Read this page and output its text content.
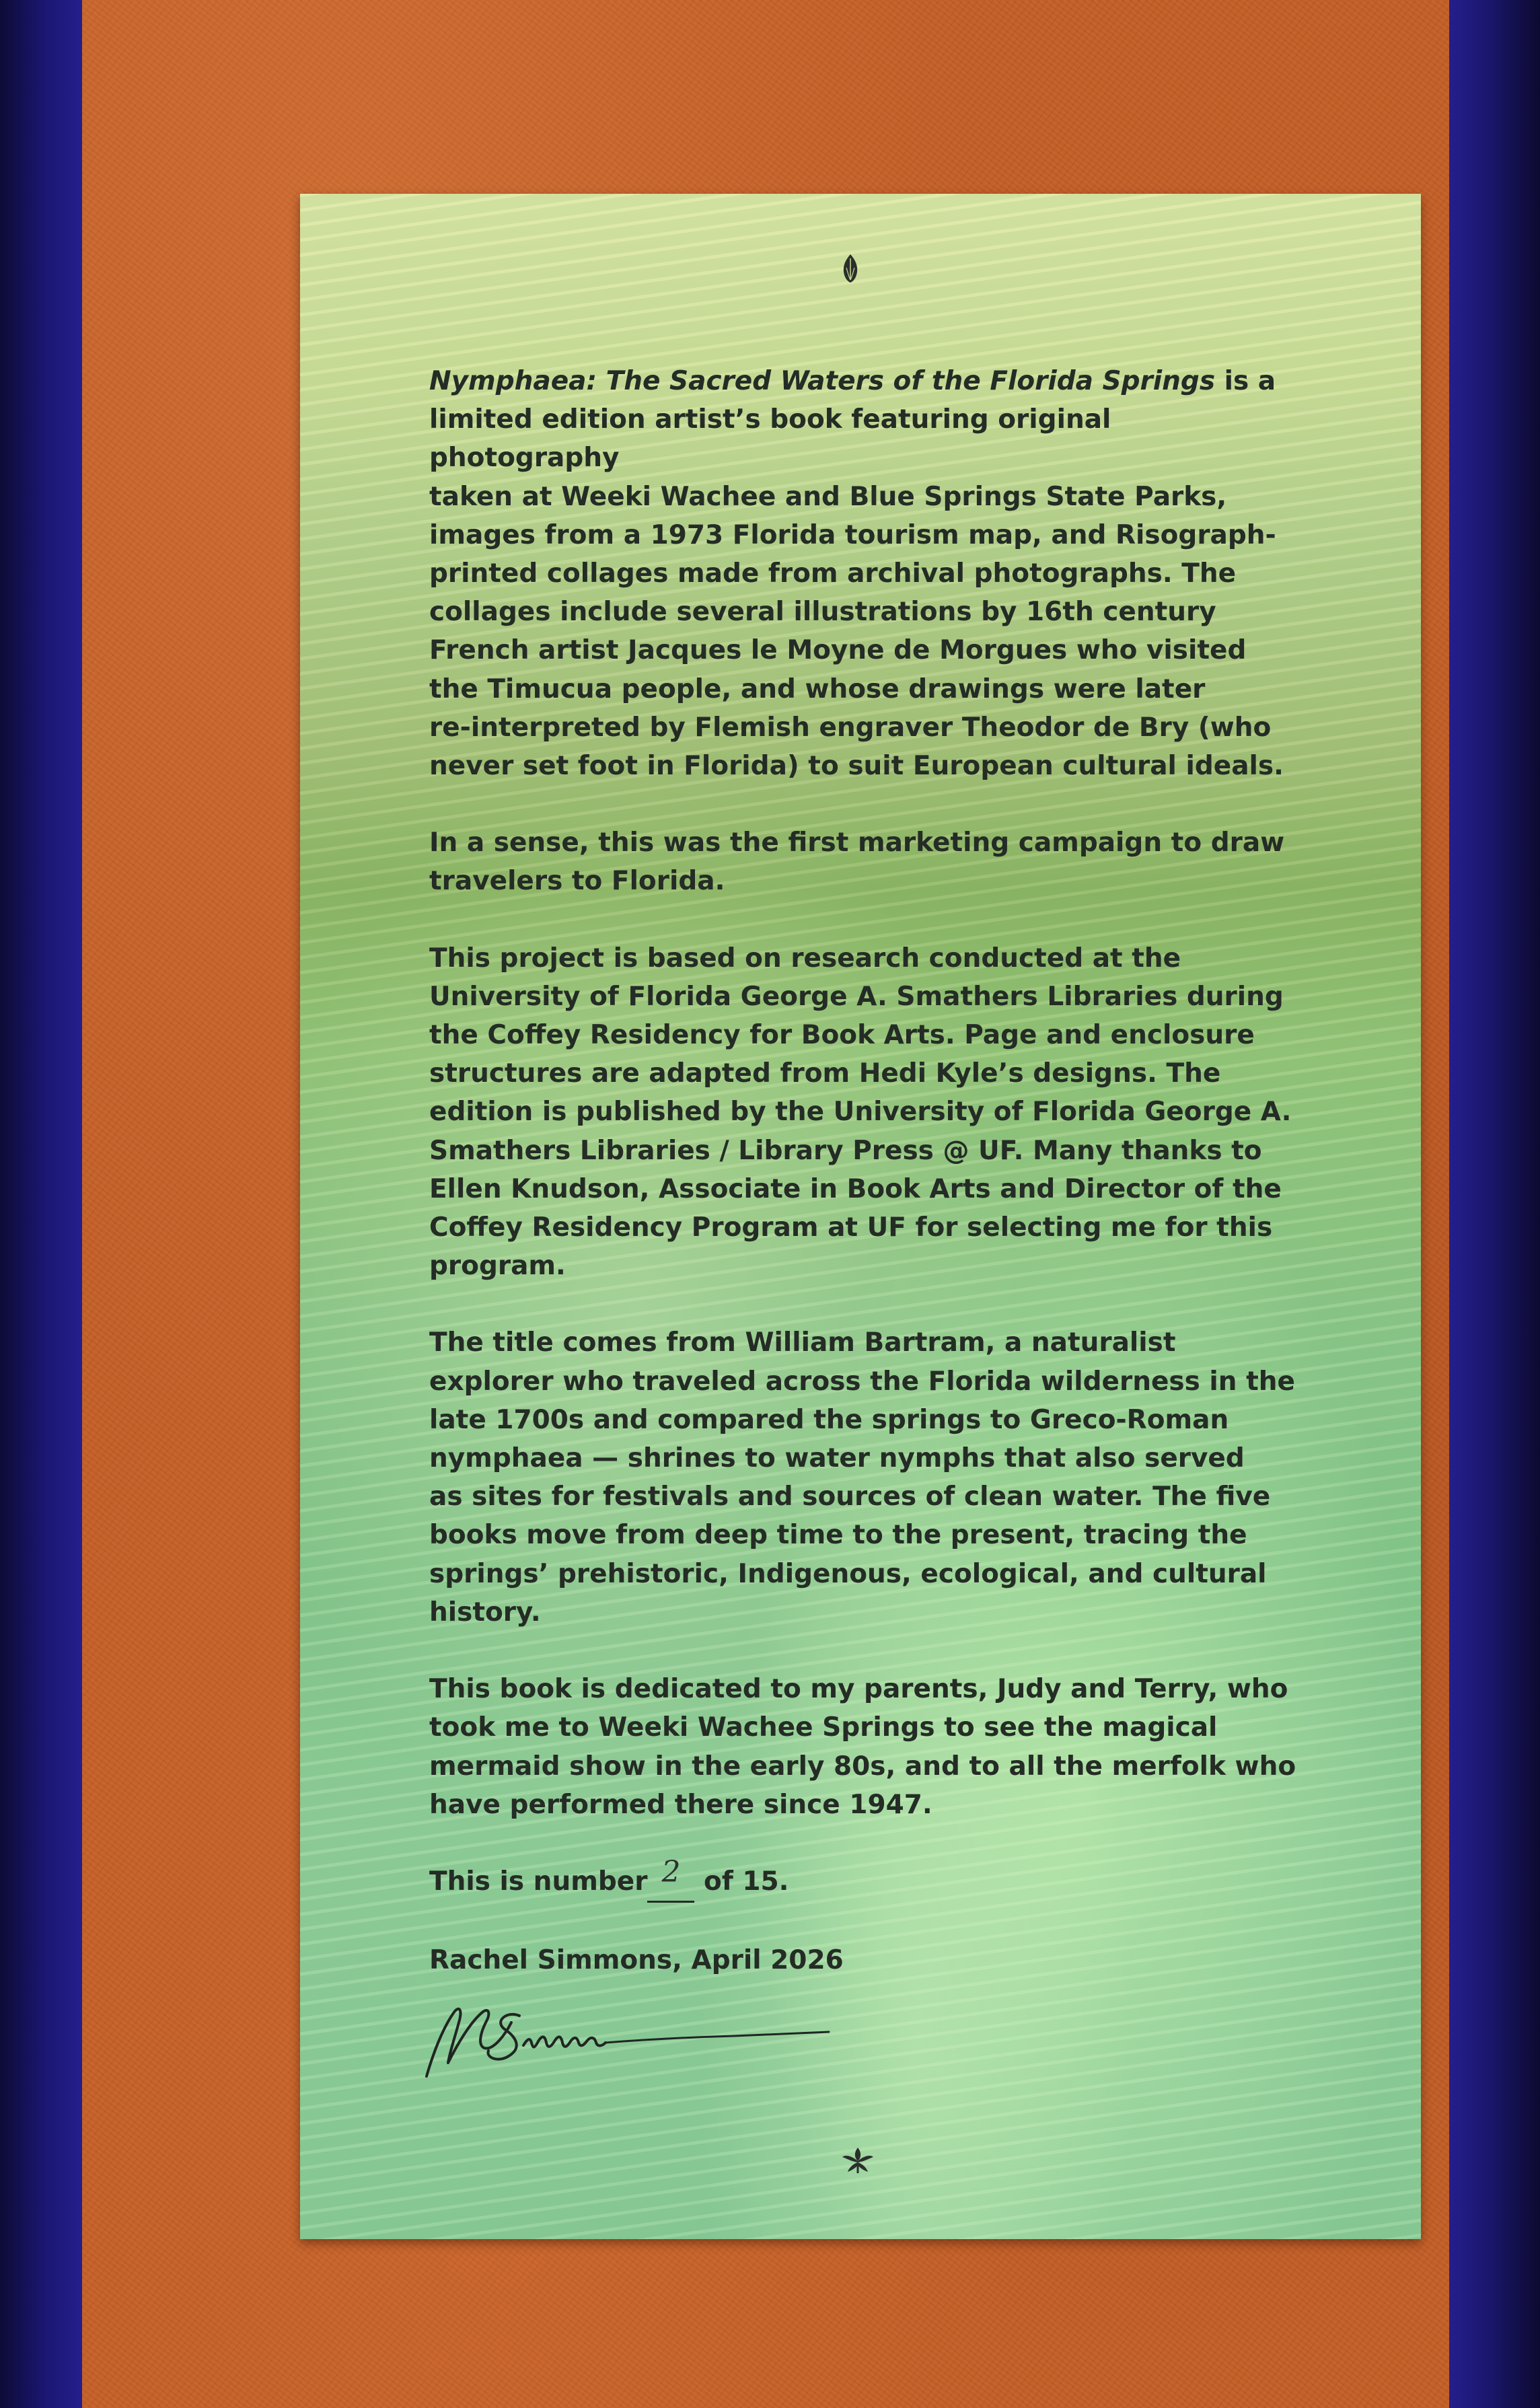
Nymphaea: The Sacred Waters of the Florida Springs is a
limited edition artist’s book featuring original photography
taken at Weeki Wachee and Blue Springs State Parks,
images from a 1973 Florida tourism map, and Risograph-
printed collages made from archival photographs. The
collages include several illustrations by 16th century
French artist Jacques le Moyne de Morgues who visited
the Timucua people, and whose drawings were later
re-interpreted by Flemish engraver Theodor de Bry (who
never set foot in Florida) to suit European cultural ideals.

In a sense, this was the first marketing campaign to draw
travelers to Florida.

This project is based on research conducted at the
University of Florida George A. Smathers Libraries during
the Coffey Residency for Book Arts. Page and enclosure
structures are adapted from Hedi Kyle’s designs. The
edition is published by the University of Florida George A.
Smathers Libraries / Library Press @ UF. Many thanks to
Ellen Knudson, Associate in Book Arts and Director of the
Coffey Residency Program at UF for selecting me for this
program.

The title comes from William Bartram, a naturalist
explorer who traveled across the Florida wilderness in the
late 1700s and compared the springs to Greco-Roman
nymphaea — shrines to water nymphs that also served
as sites for festivals and sources of clean water. The five
books move from deep time to the present, tracing the
springs’ prehistoric, Indigenous, ecological, and cultural
history.

This book is dedicated to my parents, Judy and Terry, who
took me to Weeki Wachee Springs to see the magical
mermaid show in the early 80s, and to all the merfolk who
have performed there since 1947.

This is number 2 of 15.

Rachel Simmons, April 2026
